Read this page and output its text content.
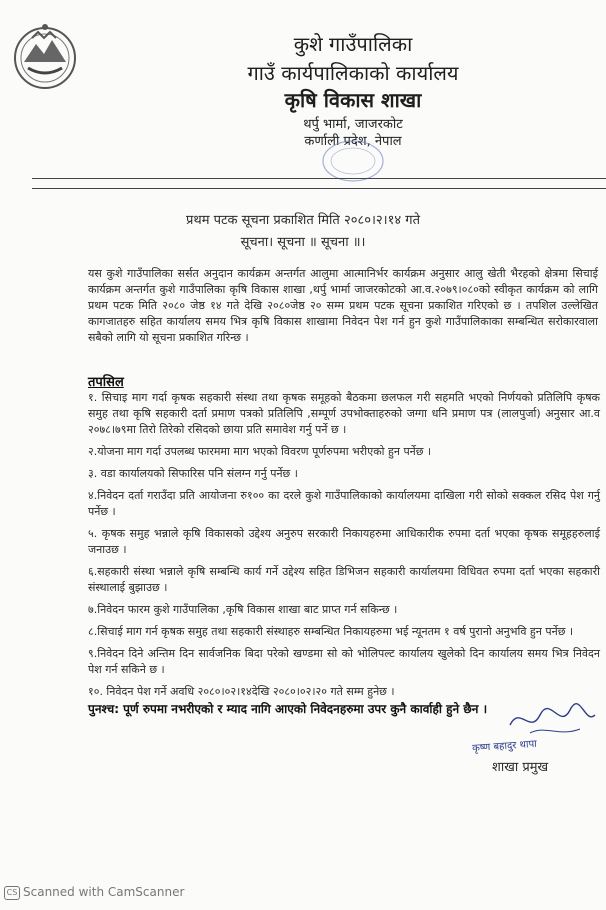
कुशे गाउँपालिका
गाउँ कार्यपालिकाको कार्यालय
कृषि विकास शाखा
थर्पु भार्मा, जाजरकोट
कर्णाली प्रदेश, नेपाल
प्रथम पटक सूचना प्रकाशित मिति २०८०।२।१४ गते
सूचना। सूचना ॥ सूचना ॥।

यस कुशे गाउँपालिका सर्सत अनुदान कार्यक्रम अन्तर्गत आलुमा आत्मानिर्भर कार्यक्रम अनुसार आलु खेती भैरहको क्षेत्रमा सिचाई कार्यक्रम अन्तर्गत कुशे गाउँपालिका कृषि विकास शाखा ,थर्पु भार्मा जाजरकोटको आ.व.२०७९।०८०को स्वीकृत कार्यक्रम को लागि प्रथम पटक मिति २०८० जेष्ठ १४ गते देखि २०८०जेष्ठ २० सम्म प्रथम पटक सूचना प्रकाशित गरिएको छ । तपशिल उल्लेखित कागजातहरु सहित कार्यालय समय भित्र कृषि विकास शाखामा निवेदन पेश गर्न हुन कुशे गाउँपालिकाका सम्बन्धित सरोकारवाला सबैको लागि यो सूचना प्रकाशित गरिन्छ ।

तपसिल
१. सिचाइ माग गर्दा कृषक सहकारी संस्था तथा कृषक समूहको बैठकमा छलफल गरी सहमति भएको निर्णयको प्रतिलिपि कृषक समुह तथा कृषि सहकारी दर्ता प्रमाण पत्रको प्रतिलिपि ,सम्पूर्ण उपभोक्ताहरुको जग्गा धनि प्रमाण पत्र (लालपुर्जा) अनुसार आ.व २०७८।७९मा तिरो तिरेको रसिदको छाया प्रति समावेश गर्नु पर्ने छ ।
२.योजना माग गर्दा उपलब्ध फारममा माग भएको विवरण पूर्णरुपमा भरीएको हुन पर्नेछ ।
३. वडा कार्यालयको सिफारिस पनि संलग्न गर्नु पर्नेछ ।
४.निवेदन दर्ता गराउँदा प्रति आयोजना रु१०० का दरले कुशे गाउँपालिकाको कार्यालयमा दाखिला गरी सोको सक्कल रसिद पेश गर्नु पर्नेछ ।
५. कृषक समुह भन्नाले कृषि विकासको उद्देश्य अनुरुप सरकारी निकायहरुमा आधिकारीक रुपमा दर्ता भएका कृषक समूहहरुलाई जनाउछ ।
६.सहकारी संस्था भन्नाले कृषि सम्बन्धि कार्य गर्ने उद्देश्य सहित डिभिजन सहकारी कार्यालयमा विधिवत रुपमा दर्ता भएका सहकारी संस्थालाई बुझाउछ ।
७.निवेदन फारम कुशे गाउँपालिका ,कृषि विकास शाखा बाट प्राप्त गर्न सकिन्छ ।
८.सिचाई माग गर्न कृषक समुह तथा सहकारी संस्थाहरु सम्बन्धित निकायहरुमा भई न्यूनतम १ वर्ष पुरानो अनुभवि हुन पर्नेछ ।
९.निवेदन दिने अन्तिम दिन सार्वजनिक बिदा परेको खण्डमा सो को भोलिपल्ट कार्यालय खुलेको दिन कार्यालय समय भित्र निवेदन पेश गर्न सकिने छ ।
१०. निवेदन पेश गर्ने अवधि २०८०।०२।१४देखि २०८०।०२।२० गते सम्म हुनेछ ।
पुनश्च: पूर्ण रुपमा नभरीएको र म्याद नागि आएको निवेदनहरुमा उपर कुनै कार्वाही हुने छैन ।
कृष्ण बहादुर थापा
शाखा प्रमुख
CS Scanned with CamScanner
